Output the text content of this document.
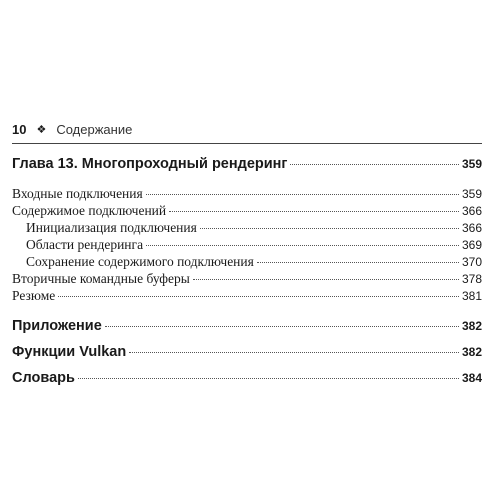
10 ❖ Содержание
Глава 13. Многопроходный рендеринг	359
Входные подключения	359
Содержимое подключений	366
Инициализация подключения	366
Области рендеринга	369
Сохранение содержимого подключения	370
Вторичные командные буферы	378
Резюме	381
Приложение	382
Функции Vulkan	382
Словарь	384
